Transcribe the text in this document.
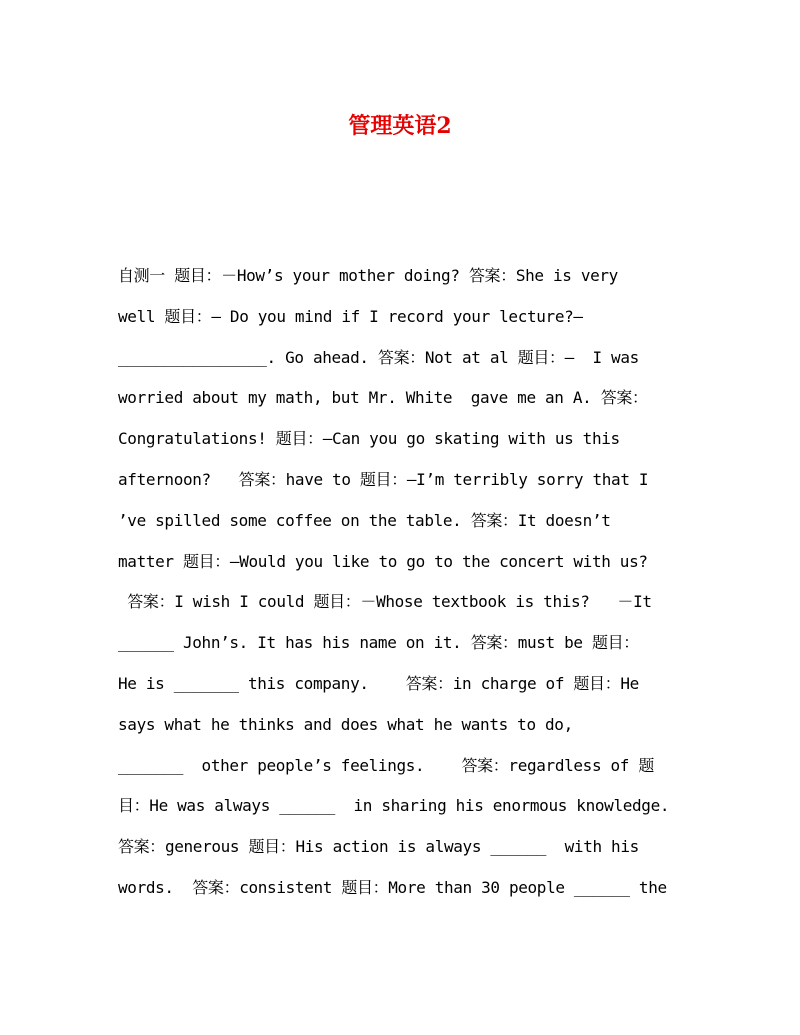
管理英语2
自测一 题目：－How’s your mother doing? 答案：She is very
well 题目：— Do you mind if I record your lecture?—
________________. Go ahead. 答案：Not at al 题目：—  I was
worried about my math, but Mr. White  gave me an A. 答案：
Congratulations! 题目：—Can you go skating with us this
afternoon?   答案：have to 题目：—I’m terribly sorry that I
’ve spilled some coffee on the table. 答案：It doesn’t
matter 题目：—Would you like to go to the concert with us?
答案：I wish I could 题目：－Whose textbook is this?   －It
______ John’s. It has his name on it. 答案：must be 题目：
He is _______ this company.    答案：in charge of 题目：He
says what he thinks and does what he wants to do,
_______  other people’s feelings.    答案：regardless of 题
目：He was always ______  in sharing his enormous knowledge.
答案：generous 题目：His action is always ______  with his
words.  答案：consistent 题目：More than 30 people ______ the
